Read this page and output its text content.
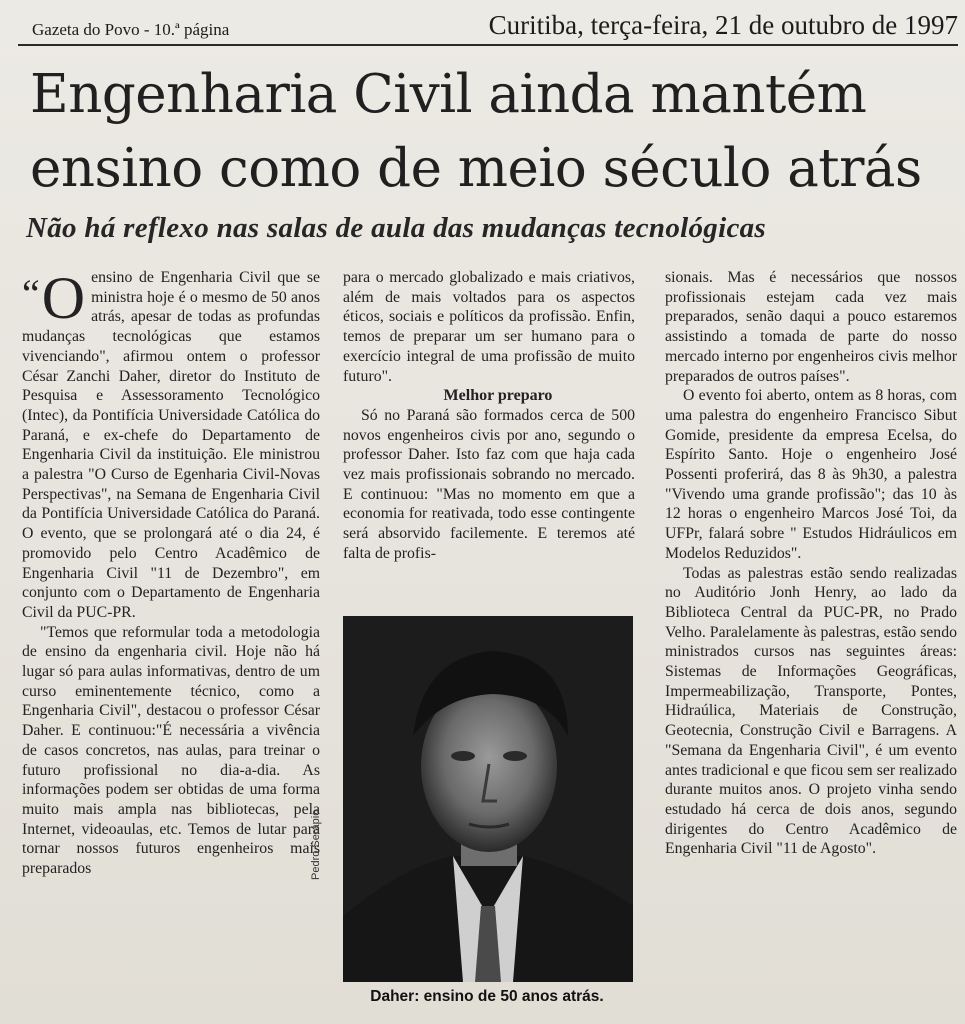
Gazeta do Povo - 10.ª página	Curitiba, terça-feira, 21 de outubro de 1997
Engenharia Civil ainda mantém
ensino como de meio século atrás
Não há reflexo nas salas de aula das mudanças tecnológicas

“ O ensino de Engenharia Civil que se ministra hoje é o mesmo de 50 anos atrás, apesar de todas as profundas mudanças tecnológicas que estamos vivenciando", afirmou ontem o professor César Zanchi Daher, diretor do Instituto de Pesquisa e Assessoramento Tecnológico (Intec), da Pontifícia Universidade Católica do Paraná, e ex-chefe do Departamento de Engenharia Civil da instituição. Ele ministrou a palestra "O Curso de Egenharia Civil-Novas Perspectivas", na Semana de Engenharia Civil da Pontifícia Universidade Católica do Paraná. O evento, que se prolongará até o dia 24, é promovido pelo Centro Acadêmico de Engenharia Civil "11 de Dezembro", em conjunto com o Departamento de Engenharia Civil da PUC-PR.

"Temos que reformular toda a metodologia de ensino da engenharia civil. Hoje não há lugar só para aulas informativas, dentro de um curso eminentemente técnico, como a Engenharia Civil", destacou o professor César Daher. E continuou:"É necessária a vivência de casos concretos, nas aulas, para treinar o futuro profissional no dia-a-dia. As informações podem ser obtidas de uma forma muito mais ampla nas bibliotecas, pela Internet, videoaulas, etc. Temos de lutar para tornar nossos futuros engenheiros mais preparados

para o mercado globalizado e mais criativos, além de mais voltados para os aspectos éticos, sociais e políticos da profissão. Enfin, temos de preparar um ser humano para o exercício integral de uma profissão de muito futuro".

Melhor preparo

Só no Paraná são formados cerca de 500 novos engenheiros civis por ano, segundo o professor Daher. Isto faz com que haja cada vez mais profissionais sobrando no mercado. E continuou: "Mas no momento em que a economia for reativada, todo esse contingente será absorvido facilemente. E teremos até falta de profis-

sionais. Mas é necessários que nossos profissionais estejam cada vez mais preparados, senão daqui a pouco estaremos assistindo a tomada de parte do nosso mercado interno por engenheiros civis melhor preparados de outros países".

O evento foi aberto, ontem as 8 horas, com uma palestra do engenheiro Francisco Sibut Gomide, presidente da empresa Ecelsa, do Espírito Santo. Hoje o engenheiro José Possenti proferirá, das 8 às 9h30, a palestra "Vivendo uma grande profissão"; das 10 às 12 horas o engenheiro Marcos José Toi, da UFPr, falará sobre " Estudos Hidráulicos em Modelos Reduzidos".

Todas as palestras estão sendo realizadas no Auditório Jonh Henry, ao lado da Biblioteca Central da PUC-PR, no Prado Velho. Paralelamente às palestras, estão sendo ministrados cursos nas seguintes áreas: Sistemas de Informações Geográficas, Impermeabilização, Transporte, Pontes, Hidraúlica, Materiais de Construção, Geotecnia, Construção Civil e Barragens. A "Semana da Engenharia Civil", é um evento antes tradicional e que ficou sem ser realizado durante muitos anos. O projeto vinha sendo estudado há cerca de dois anos, segundo dirigentes do Centro Acadêmico de Engenharia Civil "11 de Agosto".

Pedro Serápio
Daher: ensino de 50 anos atrás.
